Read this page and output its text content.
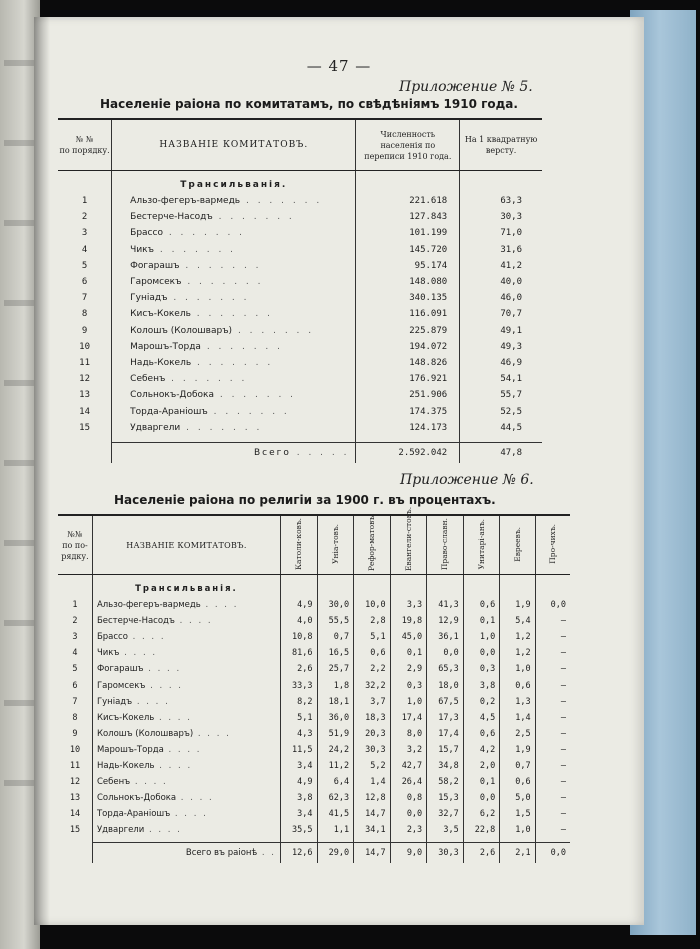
— 47 —
Приложение № 5.
Населеніе раіона по комитатамъ, по свѣдѣніямъ 1910 года.
№ №
по порядку.	НАЗВАНІЕ КОМИТАТОВЪ.	Численность населенія по переписи 1910 года.	На 1 квадратную версту.
	Трансильванія.		
1	Альзо-фегеръ-вармедь . . . . . . .	221.618	63,3
2	Бестерче-Насодъ . . . . . . .	127.843	30,3
3	Брассо . . . . . . .	101.199	71,0
4	Чикъ . . . . . . .	145.720	31,6
5	Фогарашъ . . . . . . .	95.174	41,2
6	Гаромсекъ . . . . . . .	148.080	40,0
7	Гуніадъ . . . . . . .	340.135	46,0
8	Кисъ-Кокель . . . . . . .	116.091	70,7
9	Колошъ (Колошваръ) . . . . . . .	225.879	49,1
10	Марошъ-Торда . . . . . . .	194.072	49,3
11	Надь-Кокель . . . . . . .	148.826	46,9
12	Себенъ . . . . . . .	176.921	54,1
13	Сольнокъ-Добока . . . . . . .	251.906	55,7
14	Торда-Араніошъ . . . . . . .	174.375	52,5
15	Удваргели . . . . . . .	124.173	44,5

	Всего . . . . .	2.592.042	47,8
Приложение № 6.
Населеніе раіона по религіи за 1900 г. въ процентахъ.
№№
по по-
рядку.	НАЗВАНІЕ КОМИТАТОВЪ.	Католи-ковъ.	Уніа-товъ.	Рефор-матовъ.	Евангели-стовъ.	Право-славн.	Унитарі-анъ.	Евреевъ.	Про-чихъ.
	Трансильванія.								
1	Альзо-фегеръ-вармедь . . . .	4,9	30,0	10,0	3,3	41,3	0,6	1,9	0,0
2	Бестерче-Насодъ . . . .	4,0	55,5	2,8	19,8	12,9	0,1	5,4	—
3	Брассо . . . .	10,8	0,7	5,1	45,0	36,1	1,0	1,2	—
4	Чикъ . . . .	81,6	16,5	0,6	0,1	0,0	0,0	1,2	—
5	Фогарашъ . . . .	2,6	25,7	2,2	2,9	65,3	0,3	1,0	—
6	Гаромсекъ . . . .	33,3	1,8	32,2	0,3	18,0	3,8	0,6	—
7	Гуніадъ . . . .	8,2	18,1	3,7	1,0	67,5	0,2	1,3	—
8	Кисъ-Кокель . . . .	5,1	36,0	18,3	17,4	17,3	4,5	1,4	—
9	Колошъ (Колошваръ) . . . .	4,3	51,9	20,3	8,0	17,4	0,6	2,5	—
10	Марошъ-Торда . . . .	11,5	24,2	30,3	3,2	15,7	4,2	1,9	—
11	Надь-Кокель . . . .	3,4	11,2	5,2	42,7	34,8	2,0	0,7	—
12	Себенъ . . . .	4,9	6,4	1,4	26,4	58,2	0,1	0,6	—
13	Сольнокъ-Добока . . . .	3,8	62,3	12,8	0,8	15,3	0,0	5,0	—
14	Торда-Араніошъ . . . .	3,4	41,5	14,7	0,0	32,7	6,2	1,5	—
15	Удваргели . . . .	35,5	1,1	34,1	2,3	3,5	22,8	1,0	—

	Всего въ раіонѣ . .	12,6	29,0	14,7	9,0	30,3	2,6	2,1	0,0
